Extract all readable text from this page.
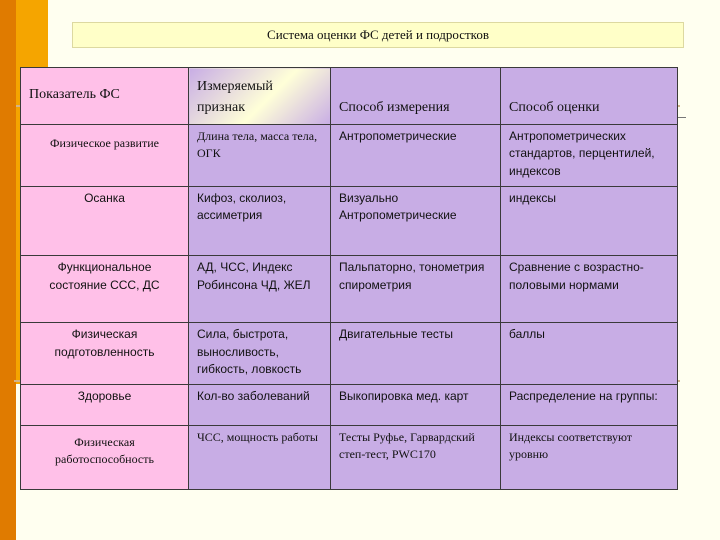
Система оценки ФС детей и подростков
Показатель ФС	Измеряемый признак	Способ измерения	Способ оценки
Физическое развитие	Длина тела, масса тела, ОГК	Антропометрические	Антропометрических стандартов, перцентилей, индексов
Осанка	Кифоз, сколиоз, ассиметрия	Визуально Антропометрические	индексы
Функциональное состояние ССС, ДС	АД, ЧСС, Индекс Робинсона ЧД, ЖЕЛ	Пальпаторно, тонометрия спирометрия	Сравнение с возрастно-половыми нормами
Физическая подготовленность	Сила, быстрота, выносливость, гибкость, ловкость	Двигательные тесты	баллы
Здоровье	Кол-во заболеваний	Выкопировка мед. карт	Распределение на группы:
Физическая работоспособность	ЧСС, мощность работы	Тесты Руфье, Гарвардский степ-тест, PWC170	Индексы соответствуют уровню
